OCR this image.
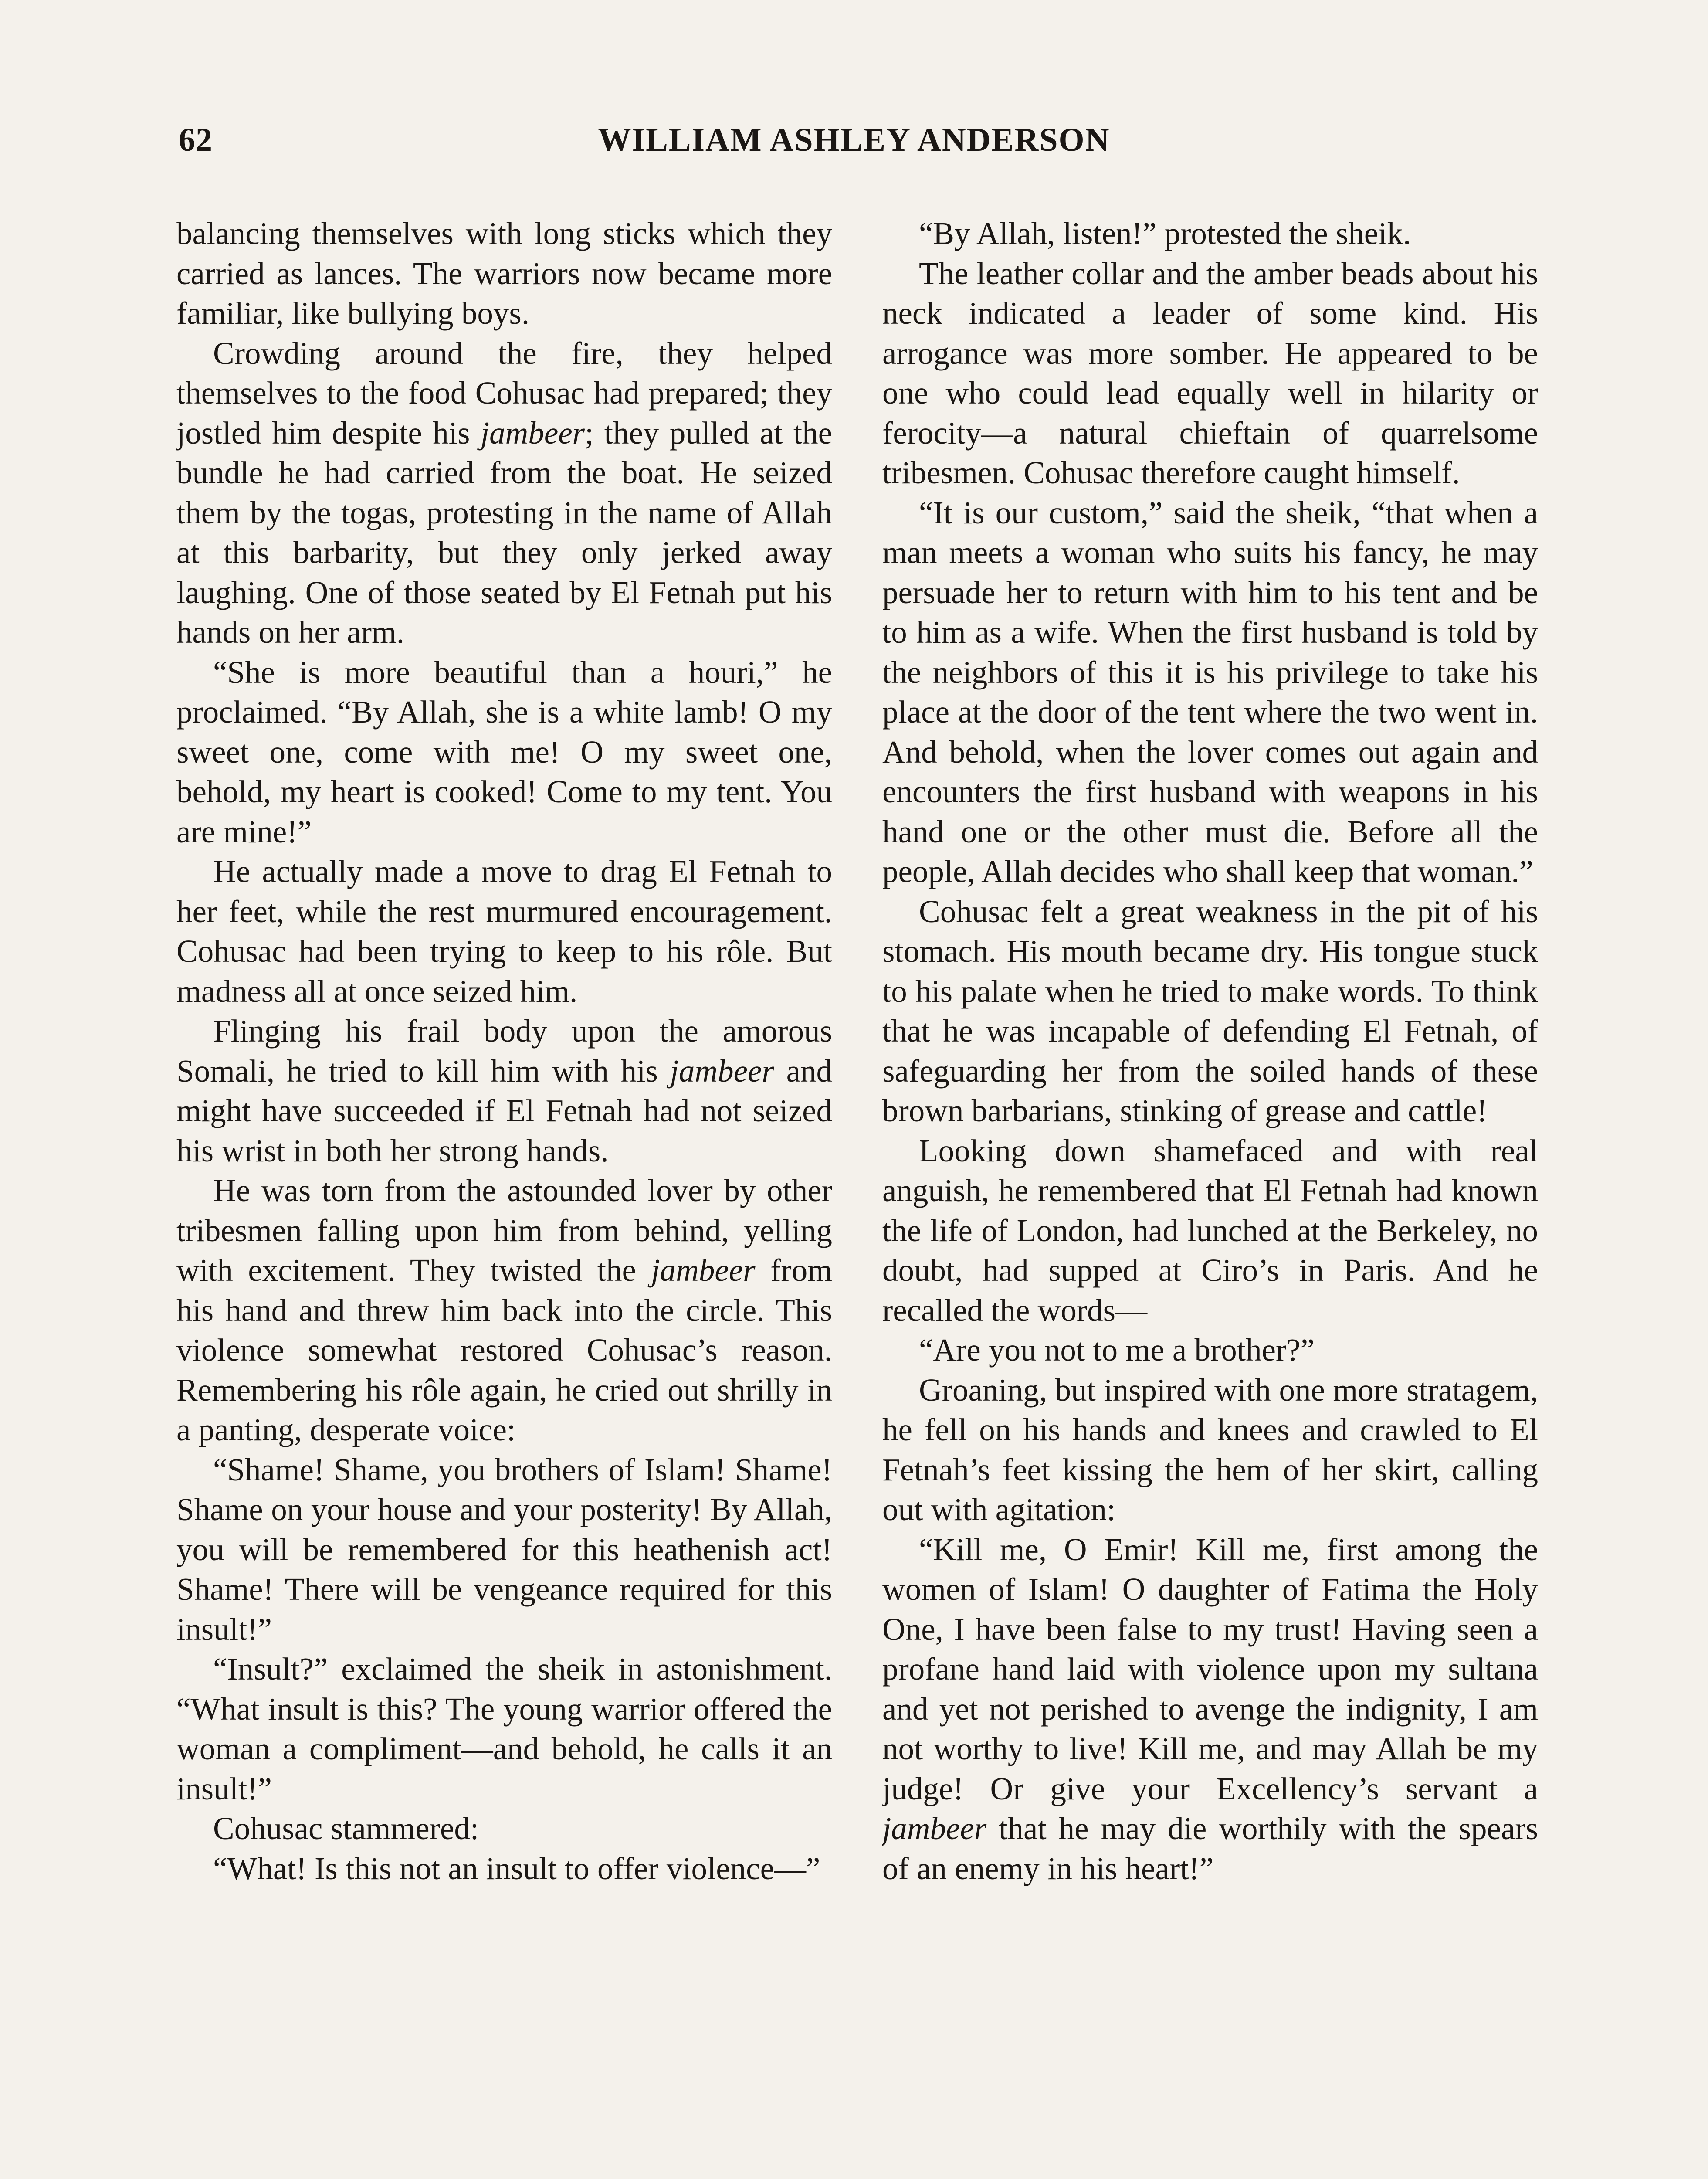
62	WILLIAM ASHLEY ANDERSON

balancing themselves with long sticks which they carried as lances. The warriors now became more familiar, like bullying boys.

Crowding around the fire, they helped themselves to the food Cohusac had prepared; they jostled him despite his jambeer; they pulled at the bundle he had carried from the boat. He seized them by the togas, protesting in the name of Allah at this barbarity, but they only jerked away laughing. One of those seated by El Fetnah put his hands on her arm.

“She is more beautiful than a houri,” he proclaimed. “By Allah, she is a white lamb! O my sweet one, come with me! O my sweet one, behold, my heart is cooked! Come to my tent. You are mine!”

He actually made a move to drag El Fetnah to her feet, while the rest murmured encouragement. Cohusac had been trying to keep to his rôle. But madness all at once seized him.

Flinging his frail body upon the amorous Somali, he tried to kill him with his jambeer and might have succeeded if El Fetnah had not seized his wrist in both her strong hands.

He was torn from the astounded lover by other tribesmen falling upon him from behind, yelling with excitement. They twisted the jambeer from his hand and threw him back into the circle. This violence somewhat restored Cohusac’s reason. Remembering his rôle again, he cried out shrilly in a panting, desperate voice:

“Shame! Shame, you brothers of Islam! Shame! Shame on your house and your posterity! By Allah, you will be remembered for this heathenish act! Shame! There will be vengeance required for this insult!”

“Insult?” exclaimed the sheik in astonishment. “What insult is this? The young warrior offered the woman a compliment—and behold, he calls it an insult!”

Cohusac stammered:

“What! Is this not an insult to offer violence—”

“By Allah, listen!” protested the sheik.

The leather collar and the amber beads about his neck indicated a leader of some kind. His arrogance was more somber. He appeared to be one who could lead equally well in hilarity or ferocity—a natural chieftain of quarrelsome tribesmen. Cohusac therefore caught himself.

“It is our custom,” said the sheik, “that when a man meets a woman who suits his fancy, he may persuade her to return with him to his tent and be to him as a wife. When the first husband is told by the neighbors of this it is his privilege to take his place at the door of the tent where the two went in. And behold, when the lover comes out again and encounters the first husband with weapons in his hand one or the other must die. Before all the people, Allah decides who shall keep that woman.”

Cohusac felt a great weakness in the pit of his stomach. His mouth became dry. His tongue stuck to his palate when he tried to make words. To think that he was incapable of defending El Fetnah, of safeguarding her from the soiled hands of these brown barbarians, stinking of grease and cattle!

Looking down shamefaced and with real anguish, he remembered that El Fetnah had known the life of London, had lunched at the Berkeley, no doubt, had supped at Ciro’s in Paris. And he recalled the words—

“Are you not to me a brother?”

Groaning, but inspired with one more stratagem, he fell on his hands and knees and crawled to El Fetnah’s feet kissing the hem of her skirt, calling out with agitation:

“Kill me, O Emir! Kill me, first among the women of Islam! O daughter of Fatima the Holy One, I have been false to my trust! Having seen a profane hand laid with violence upon my sultana and yet not perished to avenge the indignity, I am not worthy to live! Kill me, and may Allah be my judge! Or give your Excellency’s servant a jambeer that he may die worthily with the spears of an enemy in his heart!”
